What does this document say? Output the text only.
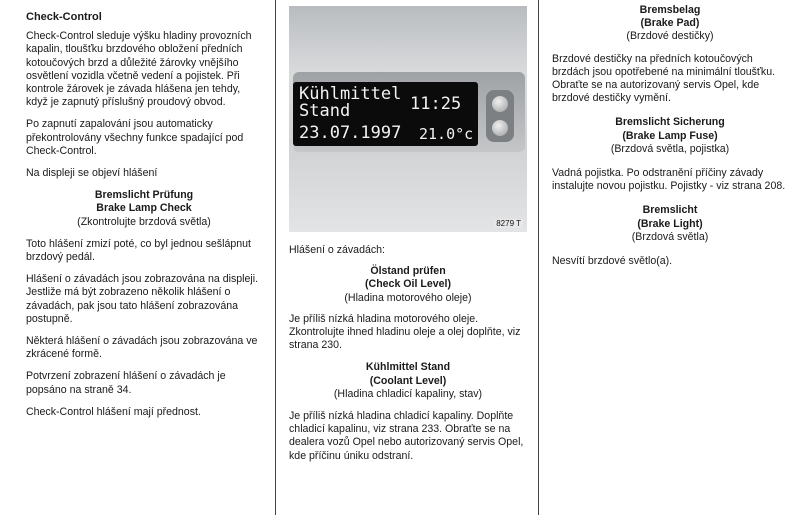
Check-Control

Check-Control sleduje výšku hladiny provozních kapalin, tloušťku brzdového obložení předních kotoučových brzd a důležité žárovky vnějšího osvětlení vozidla včetně vedení a pojistek. Při kontrole žárovek je závada hlášena jen tehdy, když je zapnutý příslušný proudový obvod.

Po zapnutí zapalování jsou automaticky překontrolovány všechny funkce spadající pod Check-Control.

Na displeji se objeví hlášení

Bremslicht Prüfung

Brake Lamp Check

(Zkontrolujte brzdová světla)

Toto hlášení zmizí poté, co byl jednou sešlápnut brzdový pedál.

Hlášení o závadách jsou zobrazována na displeji. Jestliže má být zobrazeno několik hlášení o závadách, pak jsou tato hlášení zobrazována postupně.

Některá hlášení o závadách jsou zobrazována ve zkrácené formě.

Potvrzení zobrazení hlášení o závadách je popsáno na straně 34.

Check-Control hlášení mají přednost.

Kühlmittel
Stand	11:25
23.07.1997 21.0°c
8279 T

Hlášení o závadách:

Ölstand prüfen

(Check Oil Level)

(Hladina motorového oleje)

Je příliš nízká hladina motorového oleje. Zkontrolujte ihned hladinu oleje a olej doplňte, viz strana 230.

Kühlmittel Stand

(Coolant Level)

(Hladina chladicí kapaliny, stav)

Je příliš nízká hladina chladicí kapaliny. Doplňte chladicí kapalinu, viz strana 233. Obraťte se na dealera vozů Opel nebo autorizovaný servis Opel, kde příčinu úniku odstraní.

Bremsbelag

(Brake Pad)

(Brzdové destičky)

Brzdové destičky na předních kotoučových brzdách jsou opotřebené na minimální tloušťku. Obraťte se na autorizovaný servis Opel, kde brzdové destičky vymění.

Bremslicht Sicherung

(Brake Lamp Fuse)

(Brzdová světla, pojistka)

Vadná pojistka. Po odstranění příčiny závady instalujte novou pojistku. Pojistky - viz strana 208.

Bremslicht

(Brake Light)

(Brzdová světla)

Nesvítí brzdové světlo(a).
